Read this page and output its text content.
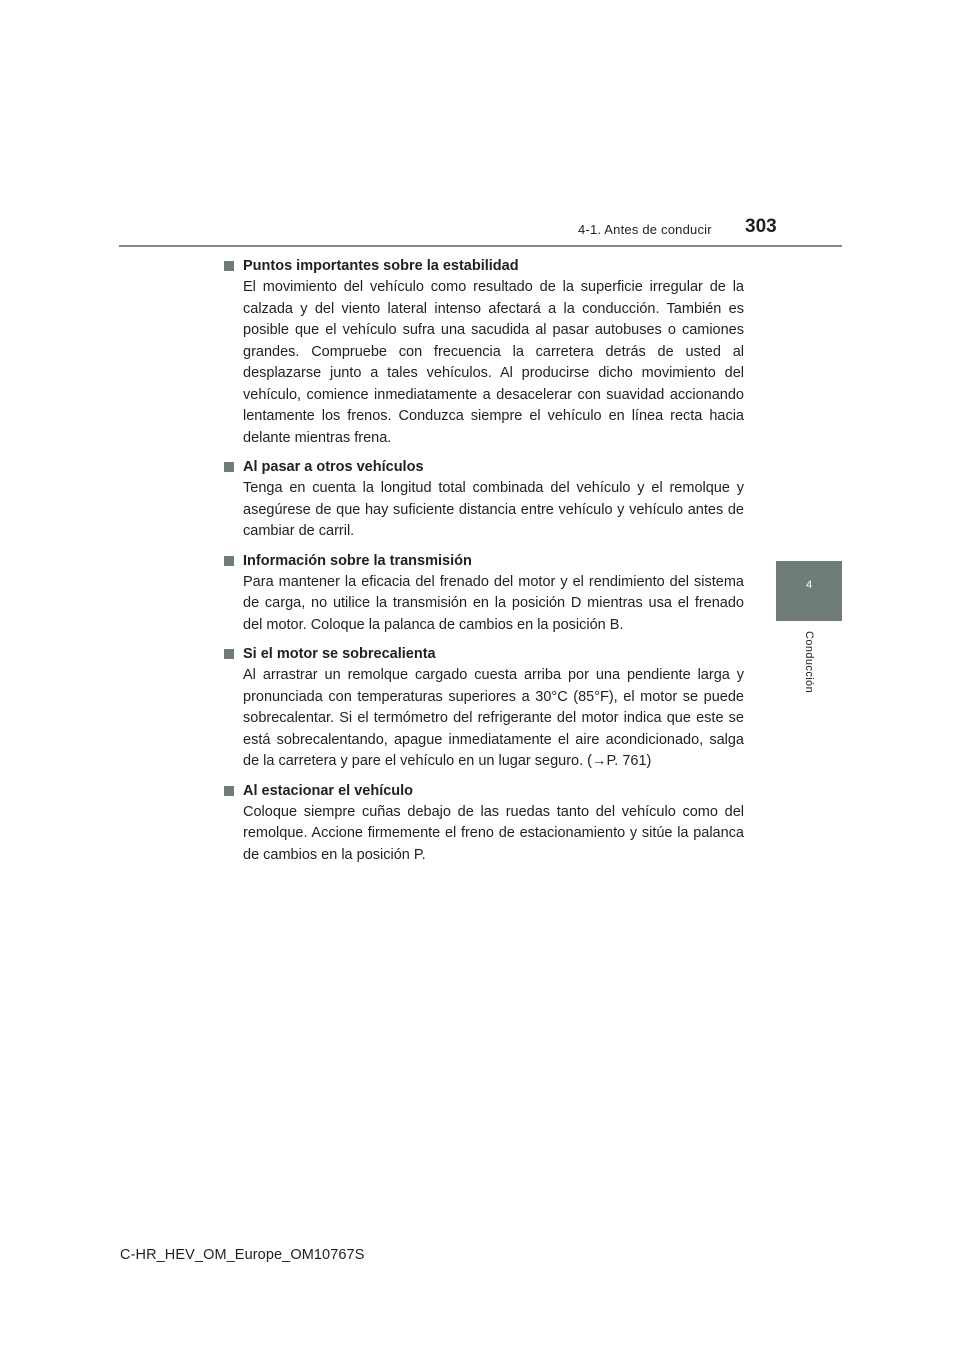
4-1. Antes de conducir 303
4
Conducción
Puntos importantes sobre la estabilidad

El movimiento del vehículo como resultado de la superficie irregular de la calzada y del viento lateral intenso afectará a la conducción. También es posible que el vehículo sufra una sacudida al pasar autobuses o camiones grandes. Compruebe con frecuencia la carretera detrás de usted al desplazarse junto a tales vehículos. Al producirse dicho movimiento del vehículo, comience inmediatamente a desacelerar con suavidad accionando lentamente los frenos. Conduzca siempre el vehículo en línea recta hacia delante mientras frena.

Al pasar a otros vehículos

Tenga en cuenta la longitud total combinada del vehículo y el remolque y asegúrese de que hay suficiente distancia entre vehículo y vehículo antes de cambiar de carril.

Información sobre la transmisión

Para mantener la eficacia del frenado del motor y el rendimiento del sistema de carga, no utilice la transmisión en la posición D mientras usa el frenado del motor. Coloque la palanca de cambios en la posición B.

Si el motor se sobrecalienta

Al arrastrar un remolque cargado cuesta arriba por una pendiente larga y pronunciada con temperaturas superiores a 30°C (85°F), el motor se puede sobrecalentar. Si el termómetro del refrigerante del motor indica que este se está sobrecalentando, apague inmediatamente el aire acondicionado, salga de la carretera y pare el vehículo en un lugar seguro. (→P. 761)

Al estacionar el vehículo

Coloque siempre cuñas debajo de las ruedas tanto del vehículo como del remolque. Accione firmemente el freno de estacionamiento y sitúe la palanca de cambios en la posición P.

C-HR_HEV_OM_Europe_OM10767S
